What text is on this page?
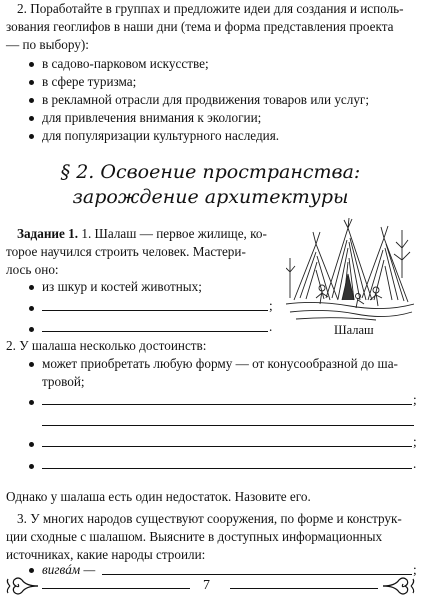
2. Поработайте в группах и предложите идеи для создания и исполь-

зования геоглифов в наши дни (тема и форма представления проекта

— по выбору):

в садово-парковом искусстве;
в сфере туризма;
в рекламной отрасли для продвижения товаров или услуг;
для привлечения внимания к экологии;
для популяризации культурного наследия.
§ 2. Освоение пространства:
зарождение архитектуры

Задание 1. 1. Шалаш — первое жилище, ко-

торое научился строить человек. Мастери-

лось оно:

из шкур и костей животных;
;
.	Шалаш

2. У шалаша несколько достоинств:

может приобретать любую форму — от конусообразной до ша-
тровой;
;
;
.

Однако у шалаша есть один недостаток. Назовите его.

3. У многих народов существуют сооружения, по форме и конструк-

ции сходные с шалашом. Выясните в доступных информационных

источниках, какие народы строили:

вигвáм —	;
7
